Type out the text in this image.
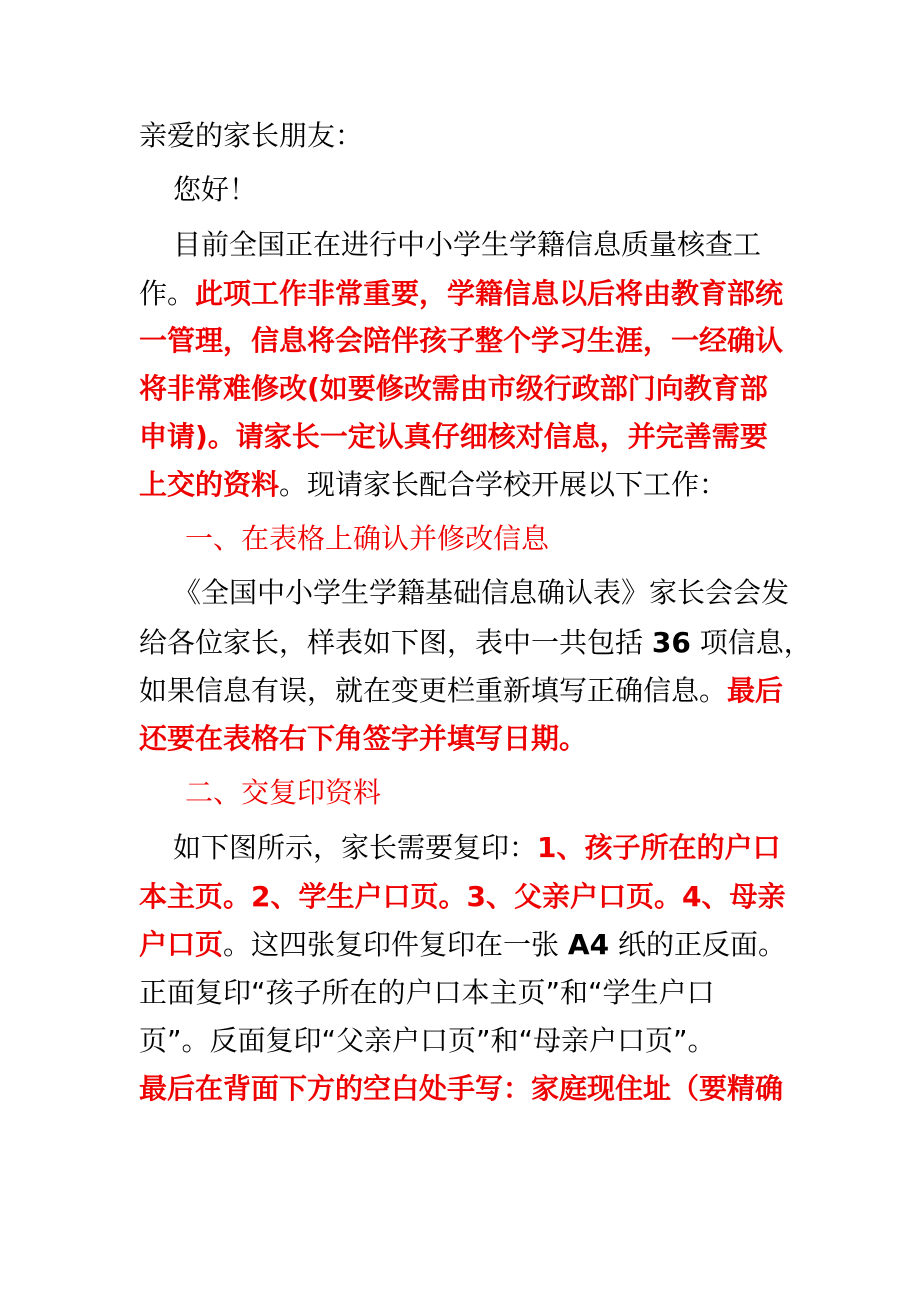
亲爱的家长朋友：
您好！
目前全国正在进行中小学生学籍信息质量核查工
作。此项工作非常重要，学籍信息以后将由教育部统
一管理，信息将会陪伴孩子整个学习生涯，一经确认
将非常难修改(如要修改需由市级行政部门向教育部
申请)。请家长一定认真仔细核对信息，并完善需要
上交的资料。现请家长配合学校开展以下工作：
一、在表格上确认并修改信息
《全国中小学生学籍基础信息确认表》家长会会发
给各位家长，样表如下图，表中一共包括 36 项信息，
如果信息有误，就在变更栏重新填写正确信息。最后
还要在表格右下角签字并填写日期。
二、交复印资料
如下图所示，家长需要复印：1、孩子所在的户口
本主页。2、学生户口页。3、父亲户口页。4、母亲
户口页。这四张复印件复印在一张 A4 纸的正反面。
正面复印“孩子所在的户口本主页”和“学生户口
页”。反面复印“父亲户口页”和“母亲户口页”。
最后在背面下方的空白处手写：家庭现住址（要精确
